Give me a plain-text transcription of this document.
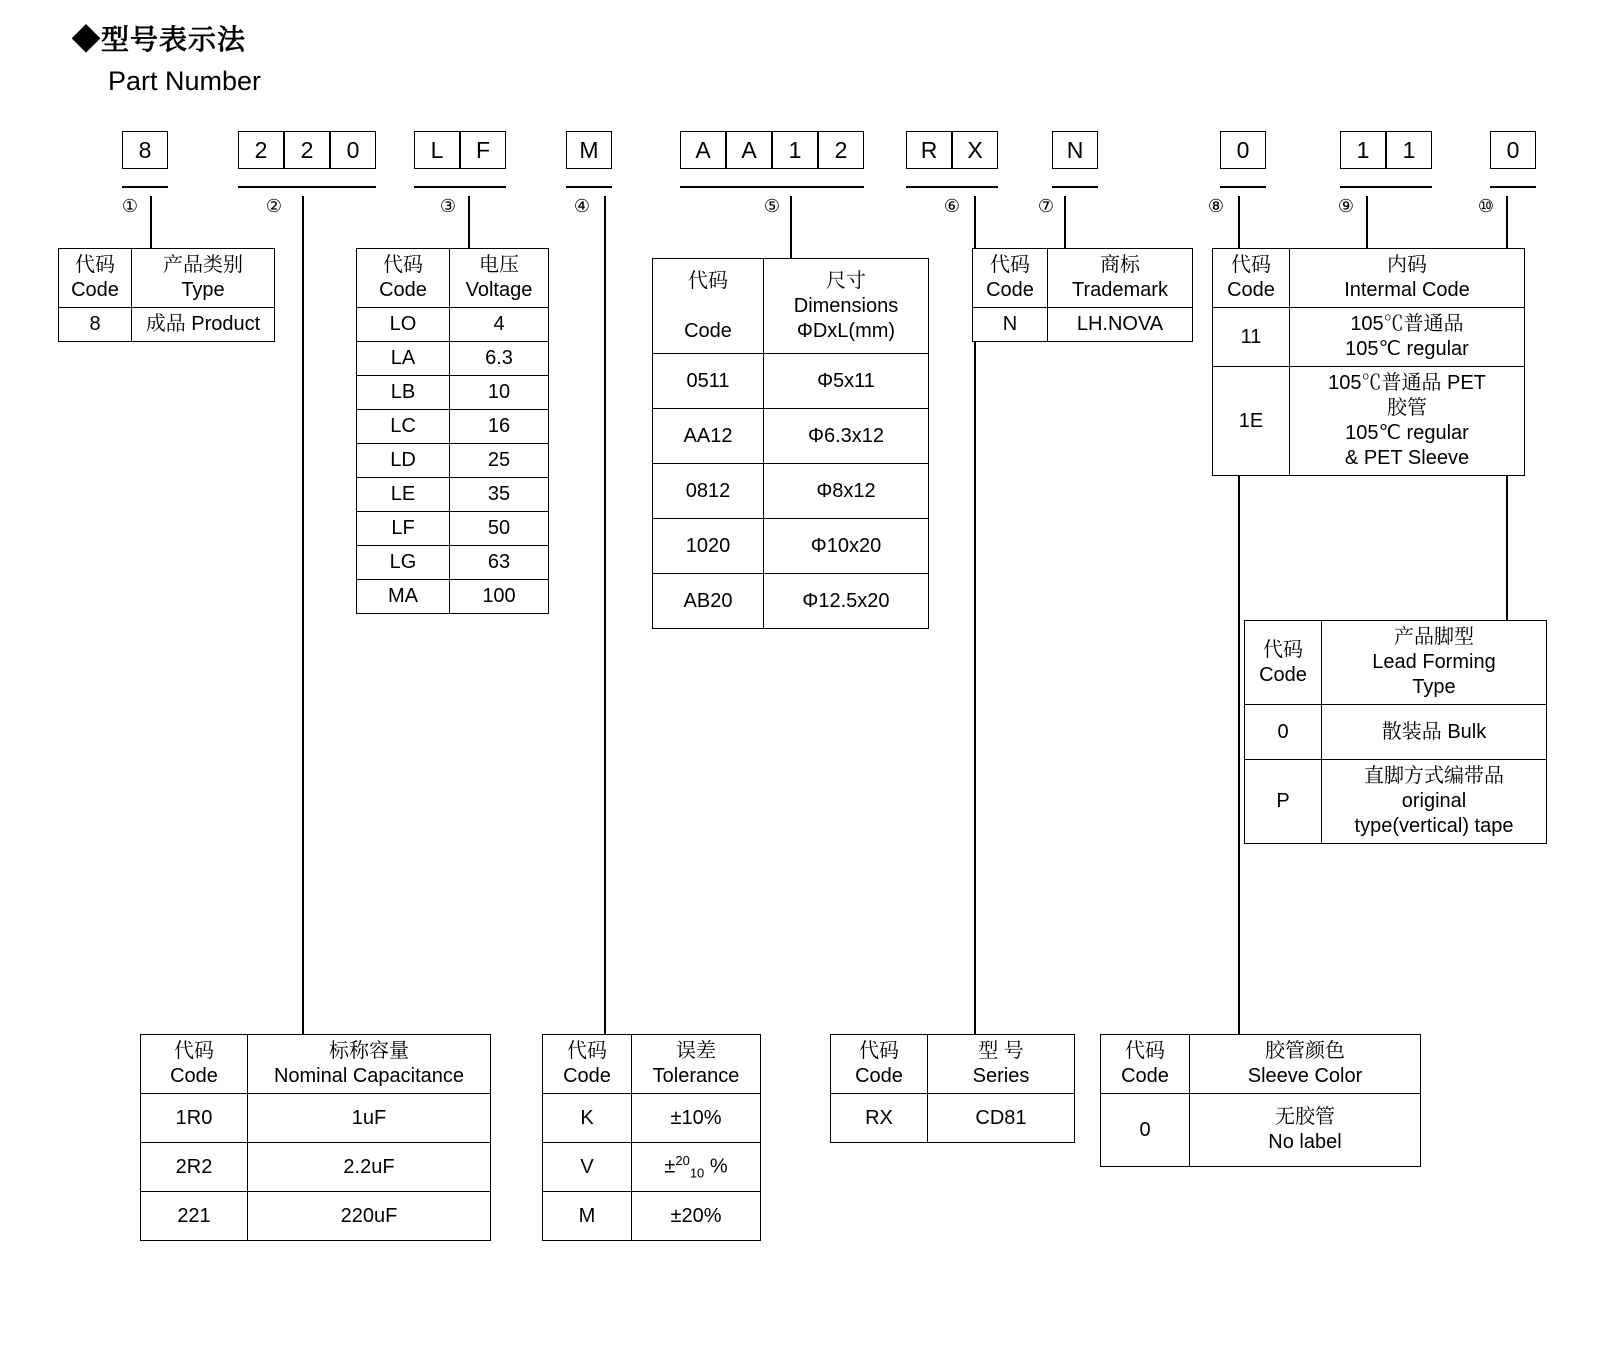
◆型号表示法
Part Number
8	2	2	0	L	F	M	A	A	1	2	R	X	N	0	1	1	0
①	②	③	④	⑤	⑥	⑦	⑧	⑨	⑩
代码
Code	产品类别
Type
8	成品 Product
代码
Code	电压
Voltage
LO	4
LA	6.3
LB	10
LC	16
LD	25
LE	35
LF	50
LG	63
MA	100
代码

Code	尺寸
Dimensions
ΦDxL(mm)
0511	Φ5x11
AA12	Φ6.3x12
0812	Φ8x12
1020	Φ10x20
AB20	Φ12.5x20
代码
Code	商标
Trademark
N	LH.NOVA
代码
Code	内码
Intermal Code
11	105℃普通品
105℃ regular
1E	105℃普通品 PET
胶管
105℃ regular
& PET Sleeve
代码
Code	产品脚型
Lead Forming
Type
0	散装品 Bulk
P	直脚方式编带品
original
type(vertical) tape
代码
Code	标称容量
Nominal Capacitance
1R0	1uF
2R2	2.2uF
221	220uF
代码
Code	误差
Tolerance
K	±10%
V	±$^{20}_{10}$ %
M	±20%
代码
Code	型 号
Series
RX	CD81
代码
Code	胶管颜色
Sleeve Color
0	无胶管
No label
